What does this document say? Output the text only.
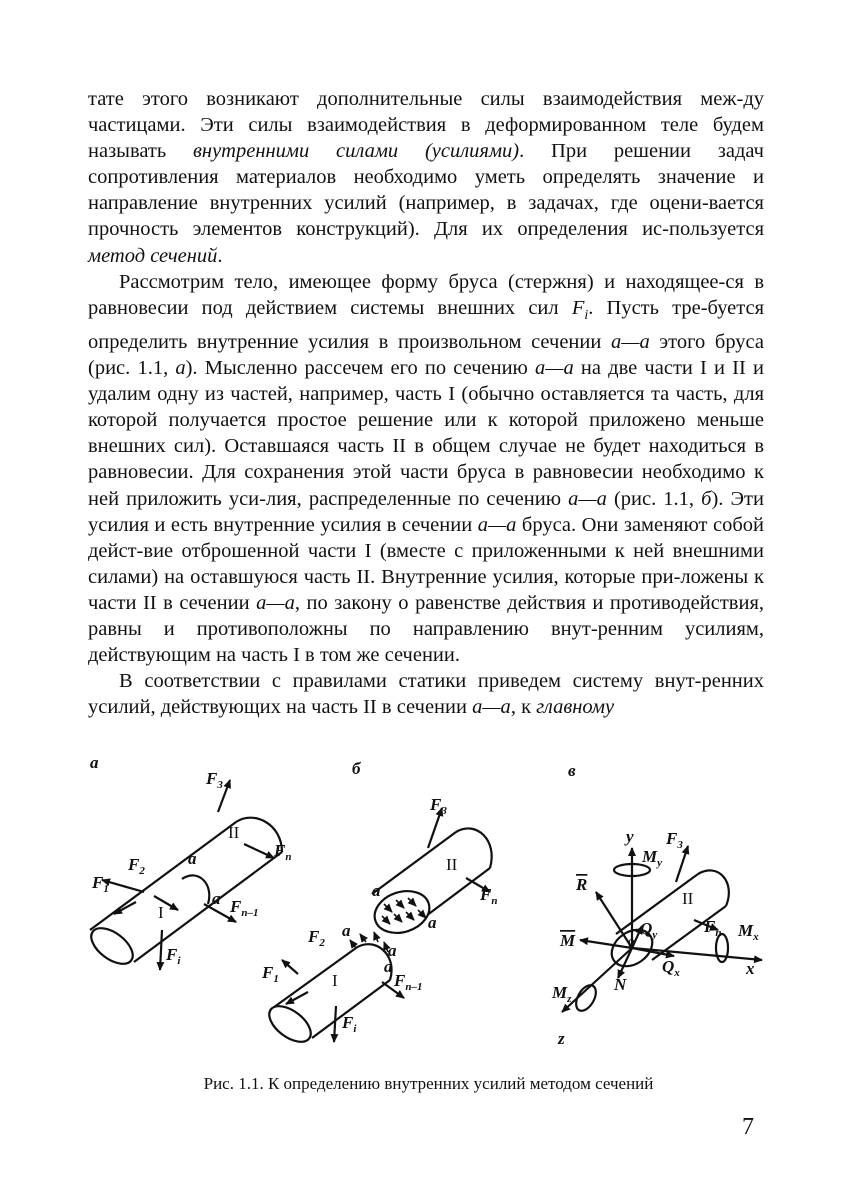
тате этого возникают дополнительные силы взаимодействия меж-ду частицами. Эти силы взаимодействия в деформированном теле будем называть внутренними силами (усилиями). При решении задач сопротивления материалов необходимо уметь определять значение и направление внутренних усилий (например, в задачах, где оцени-вается прочность элементов конструкций). Для их определения ис-пользуется метод сечений.

Рассмотрим тело, имеющее форму бруса (стержня) и находящее-ся в равновесии под действием системы внешних сил $F_i$. Пусть тре-буется определить внутренние усилия в произвольном сечении a—a этого бруса (рис. 1.1, а). Мысленно рассечем его по сечению a—a на две части I и II и удалим одну из частей, например, часть I (обычно оставляется та часть, для которой получается простое решение или к которой приложено меньше внешних сил). Оставшаяся часть II в общем случае не будет находиться в равновесии. Для сохранения этой части бруса в равновесии необходимо к ней приложить уси-лия, распределенные по сечению a—a (рис. 1.1, б). Эти усилия и есть внутренние усилия в сечении a—a бруса. Они заменяют собой дейст-вие отброшенной части I (вместе с приложенными к ней внешними силами) на оставшуюся часть II. Внутренние усилия, которые при-ложены к части II в сечении a—a, по закону о равенстве действия и противодействия, равны и противоположны по направлению внут-ренним усилиям, действующим на часть I в том же сечении.

В соответствии с правилами статики приведем систему внут-ренних усилий, действующих на часть II в сечении a—a, к главному

а
$F_3$
II
a	$F_n$
$F_2$
$F_1$
I
a $F_{n-1}$
$F_i$
б
$F_3$
II
$F_n$
a
a
$F_2$
a
a
a
$F_1$	I	$F_{n-1}$
$F_i$
в
y $F_3$
$M_y$
R
II
$Q_y$	$F_n$ $M_x$
M	0
$Q_x$	x
N
$M_z$
z
Рис. 1.1. К определению внутренних усилий методом сечений
7
